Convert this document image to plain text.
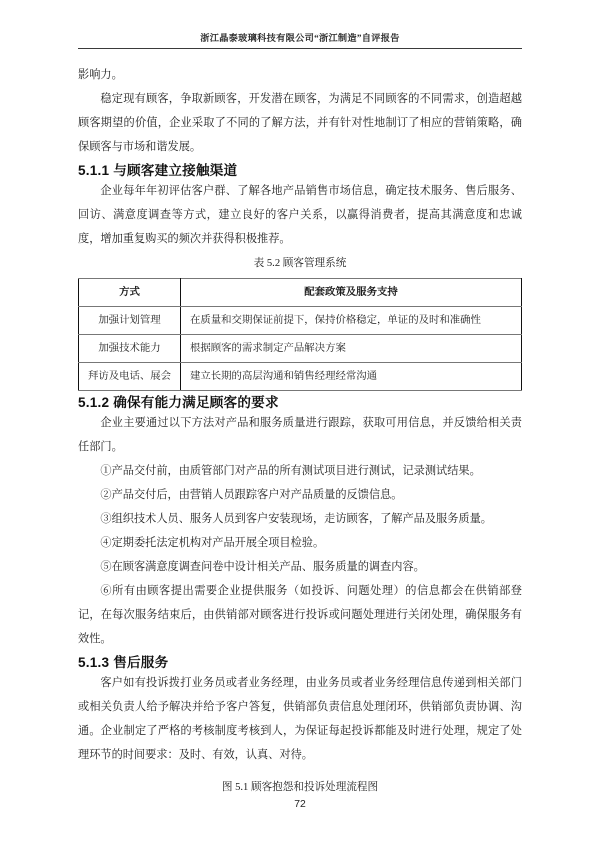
浙江晶泰玻璃科技有限公司“浙江制造”自评报告

影响力。

稳定现有顾客，争取新顾客，开发潜在顾客，为满足不同顾客的不同需求，创造超越顾客期望的价值，企业采取了不同的了解方法，并有针对性地制订了相应的营销策略，确保顾客与市场和谐发展。

5.1.1 与顾客建立接触渠道

企业每年年初评估客户群、了解各地产品销售市场信息，确定技术服务、售后服务、回访、满意度调查等方式，建立良好的客户关系，以赢得消费者，提高其满意度和忠诚度，增加重复购买的频次并获得积极推荐。

表 5.2 顾客管理系统

方式	配套政策及服务支持
加强计划管理	在质量和交期保证前提下，保持价格稳定，单证的及时和准确性
加强技术能力	根据顾客的需求制定产品解决方案
拜访及电话、展会	建立长期的高层沟通和销售经理经常沟通
5.1.2 确保有能力满足顾客的要求

企业主要通过以下方法对产品和服务质量进行跟踪，获取可用信息，并反馈给相关责任部门。

①产品交付前，由质管部门对产品的所有测试项目进行测试，记录测试结果。

②产品交付后，由营销人员跟踪客户对产品质量的反馈信息。

③组织技术人员、服务人员到客户安装现场，走访顾客，了解产品及服务质量。

④定期委托法定机构对产品开展全项目检验。

⑤在顾客满意度调查问卷中设计相关产品、服务质量的调查内容。

⑥所有由顾客提出需要企业提供服务（如投诉、问题处理）的信息都会在供销部登记，在每次服务结束后，由供销部对顾客进行投诉或问题处理进行关闭处理，确保服务有效性。

5.1.3 售后服务

客户如有投诉拨打业务员或者业务经理，由业务员或者业务经理信息传递到相关部门或相关负责人给予解决并给予客户答复，供销部负责信息处理闭环，供销部负责协调、沟通。企业制定了严格的考核制度考核到人，为保证每起投诉都能及时进行处理，规定了处理环节的时间要求：及时、有效，认真、对待。

图 5.1 顾客抱怨和投诉处理流程图

72
